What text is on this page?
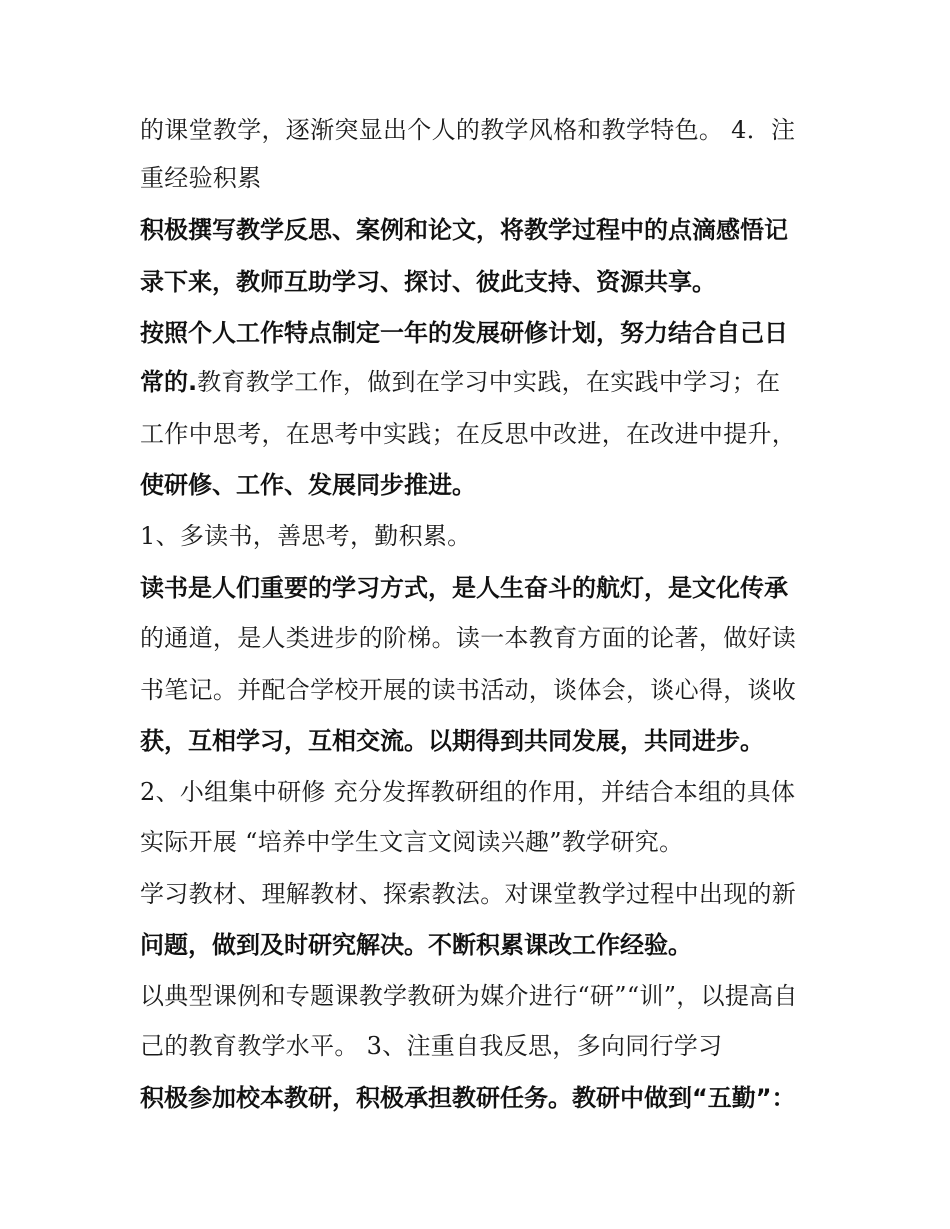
的课堂教学，逐渐突显出个人的教学风格和教学特色。 4．注
重经验积累
积极撰写教学反思、案例和论文，将教学过程中的点滴感悟记
录下来，教师互助学习、探讨、彼此支持、资源共享。
按照个人工作特点制定一年的发展研修计划，努力结合自己日
常的.教育教学工作，做到在学习中实践，在实践中学习；在
工作中思考，在思考中实践；在反思中改进，在改进中提升，
使研修、工作、发展同步推进。
1、多读书，善思考，勤积累。
读书是人们重要的学习方式，是人生奋斗的航灯，是文化传承
的通道，是人类进步的阶梯。读一本教育方面的论著，做好读
书笔记。并配合学校开展的读书活动，谈体会，谈心得，谈收
获，互相学习，互相交流。以期得到共同发展，共同进步。
2、小组集中研修 充分发挥教研组的作用，并结合本组的具体
实际开展 “培养中学生文言文阅读兴趣”教学研究。
学习教材、理解教材、探索教法。对课堂教学过程中出现的新
问题，做到及时研究解决。不断积累课改工作经验。
以典型课例和专题课教学教研为媒介进行“研”“训”，以提高自
己的教育教学水平。 3、注重自我反思，多向同行学习
积极参加校本教研，积极承担教研任务。教研中做到“五勤”：
